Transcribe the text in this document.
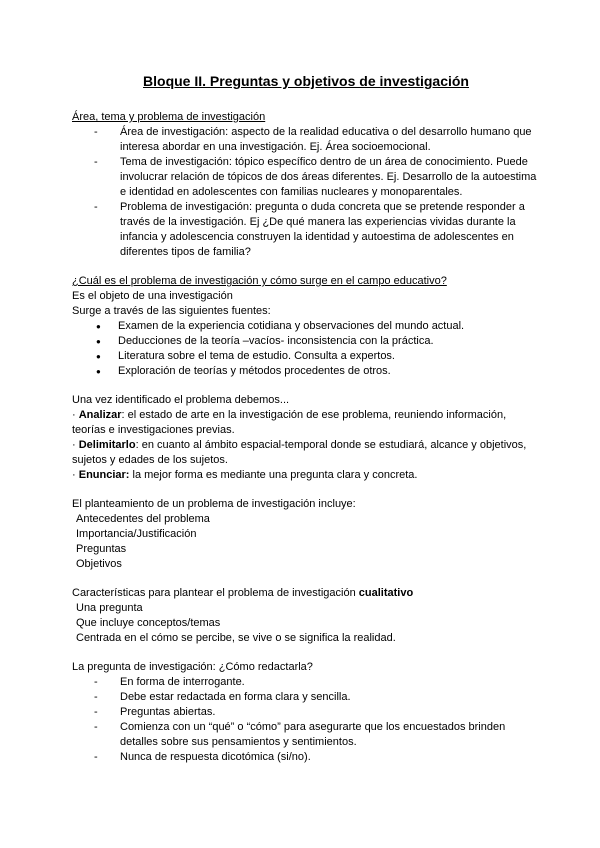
Bloque II. Preguntas y objetivos de investigación

Área, tema y problema de investigación

- Área de investigación: aspecto de la realidad educativa o del desarrollo humano que interesa abordar en una investigación. Ej. Área socioemocional.
- Tema de investigación: tópico específico dentro de un área de conocimiento. Puede involucrar relación de tópicos de dos áreas diferentes. Ej. Desarrollo de la autoestima e identidad en adolescentes con familias nucleares y monoparentales.
- Problema de investigación: pregunta o duda concreta que se pretende responder a través de la investigación. Ej ¿De qué manera las experiencias vividas durante la infancia y adolescencia construyen la identidad y autoestima de adolescentes en diferentes tipos de familia?

¿Cuál es el problema de investigación y cómo surge en el campo educativo?

Es el objeto de una investigación

Surge a través de las siguientes fuentes:

● Examen de la experiencia cotidiana y observaciones del mundo actual.
● Deducciones de la teoría –vacíos- inconsistencia con la práctica.
● Literatura sobre el tema de estudio. Consulta a expertos.
● Exploración de teorías y métodos procedentes de otros.

Una vez identificado el problema debemos...

· Analizar: el estado de arte en la investigación de ese problema, reuniendo información, teorías e investigaciones previas.

· Delimitarlo: en cuanto al ámbito espacial-temporal donde se estudiará, alcance y objetivos, sujetos y edades de los sujetos.

· Enunciar: la mejor forma es mediante una pregunta clara y concreta.

El planteamiento de un problema de investigación incluye:

Antecedentes del problema

Importancia/Justificación

Preguntas

Objetivos

Características para plantear el problema de investigación cualitativo

Una pregunta

Que incluye conceptos/temas

Centrada en el cómo se percibe, se vive o se significa la realidad.

La pregunta de investigación: ¿Cómo redactarla?

- En forma de interrogante.
- Debe estar redactada en forma clara y sencilla.
- Preguntas abiertas.
- Comienza con un “qué” o “cómo” para asegurarte que los encuestados brinden detalles sobre sus pensamientos y sentimientos.
- Nunca de respuesta dicotómica (si/no).
